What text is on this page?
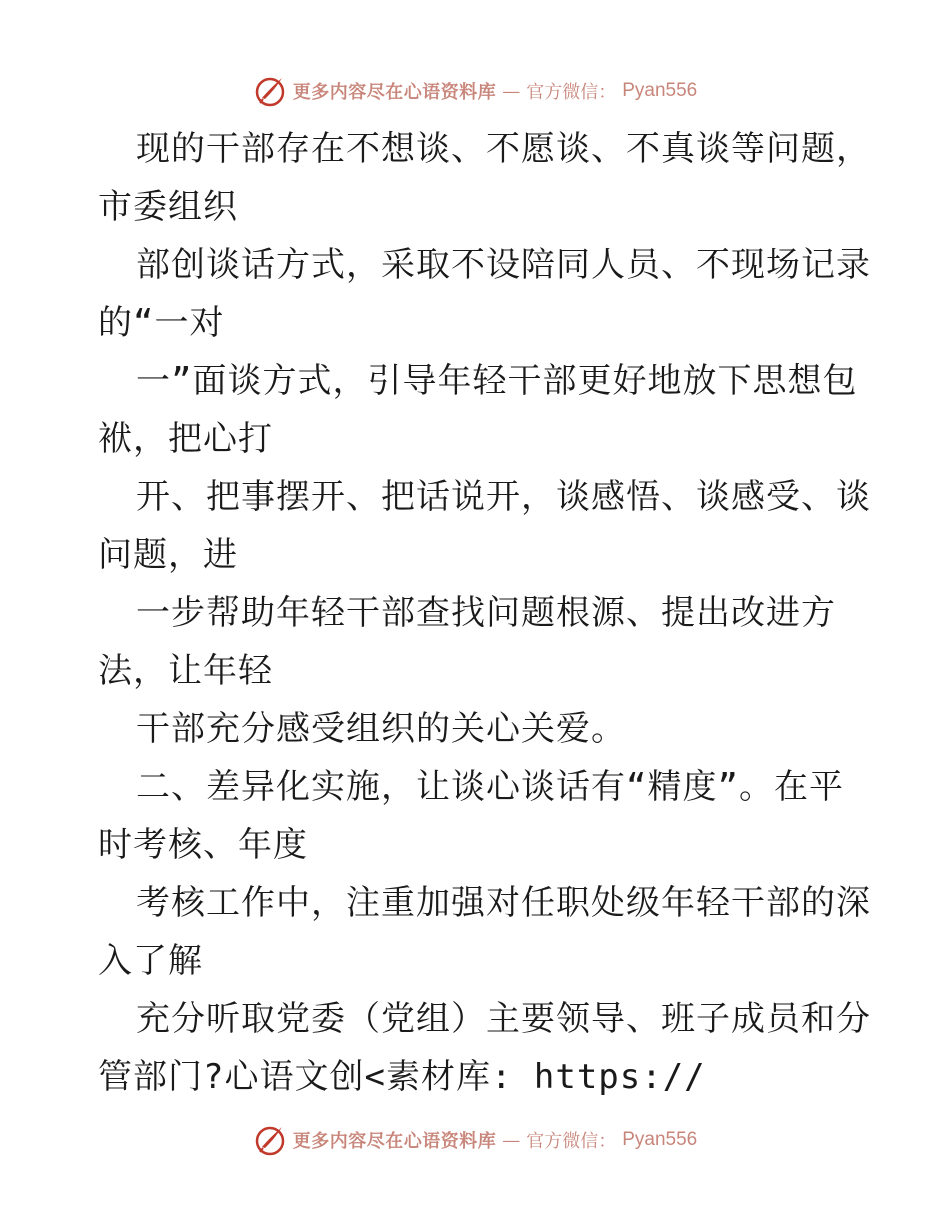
更多内容尽在心语资料库 — 官方微信： Pyan556

现的干部存在不想谈、不愿谈、不真谈等问题，

市委组织

部创谈话方式，采取不设陪同人员、不现场记录

的“一对

一”面谈方式，引导年轻干部更好地放下思想包

袱，把心打

开、把事摆开、把话说开，谈感悟、谈感受、谈

问题，进

一步帮助年轻干部查找问题根源、提出改进方

法，让年轻

干部充分感受组织的关心关爱。

二、差异化实施，让谈心谈话有“精度”。在平

时考核、年度

考核工作中，注重加强对任职处级年轻干部的深

入了解

充分听取党委（党组）主要领导、班子成员和分

管部门?心语文创<素材库: https://

更多内容尽在心语资料库 — 官方微信： Pyan556
